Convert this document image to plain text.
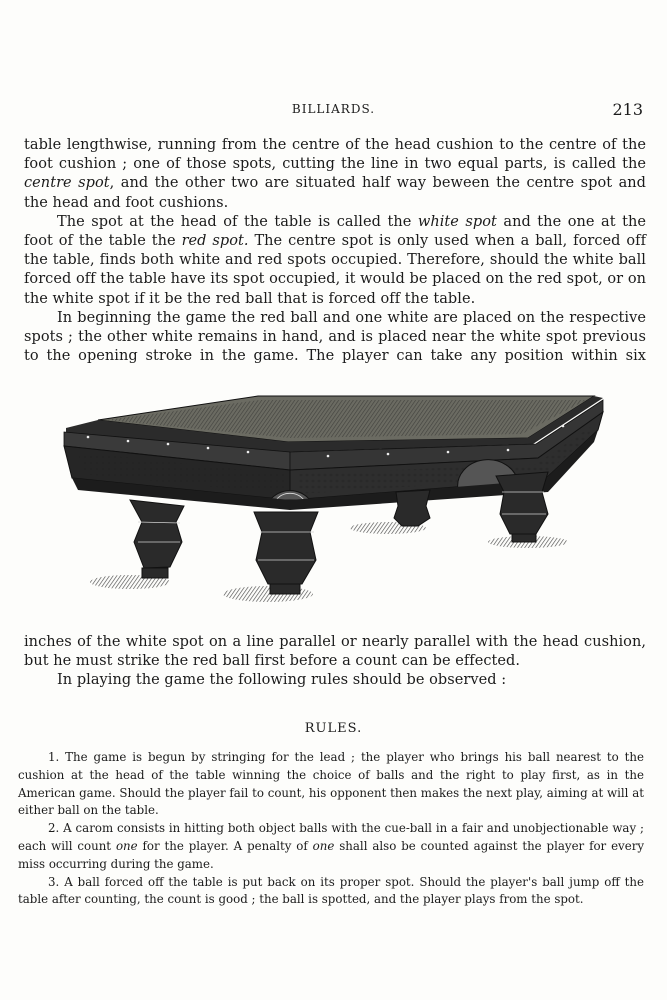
BILLIARDS.	213

table lengthwise, running from the centre of the head cushion to the centre of the foot cushion ; one of those spots, cutting the line in two equal parts, is called the centre spot, and the other two are situated half way beween the centre spot and the head and foot cushions.

The spot at the head of the table is called the white spot and the one at the foot of the table the red spot. The centre spot is only used when a ball, forced off the table, finds both white and red spots occupied. Therefore, should the white ball forced off the table have its spot occupied, it would be placed on the red spot, or on the white spot if it be the red ball that is forced off the table.

In beginning the game the red ball and one white are placed on the respective spots ; the other white remains in hand, and is placed near the white spot previous to the opening stroke in the game. The player can take any position within six

inches of the white spot on a line parallel or nearly parallel with the head cushion, but he must strike the red ball first before a count can be effected.

In playing the game the following rules should be observed :

RULES.

1. The game is begun by stringing for the lead ; the player who brings his ball nearest to the cushion at the head of the table winning the choice of balls and the right to play first, as in the American game. Should the player fail to count, his opponent then makes the next play, aiming at will at either ball on the table.

2. A carom consists in hitting both object balls with the cue-ball in a fair and unobjectionable way ; each will count one for the player. A penalty of one shall also be counted against the player for every miss occurring during the game.

3. A ball forced off the table is put back on its proper spot. Should the player's ball jump off the table after counting, the count is good ; the ball is spotted, and the player plays from the spot.
